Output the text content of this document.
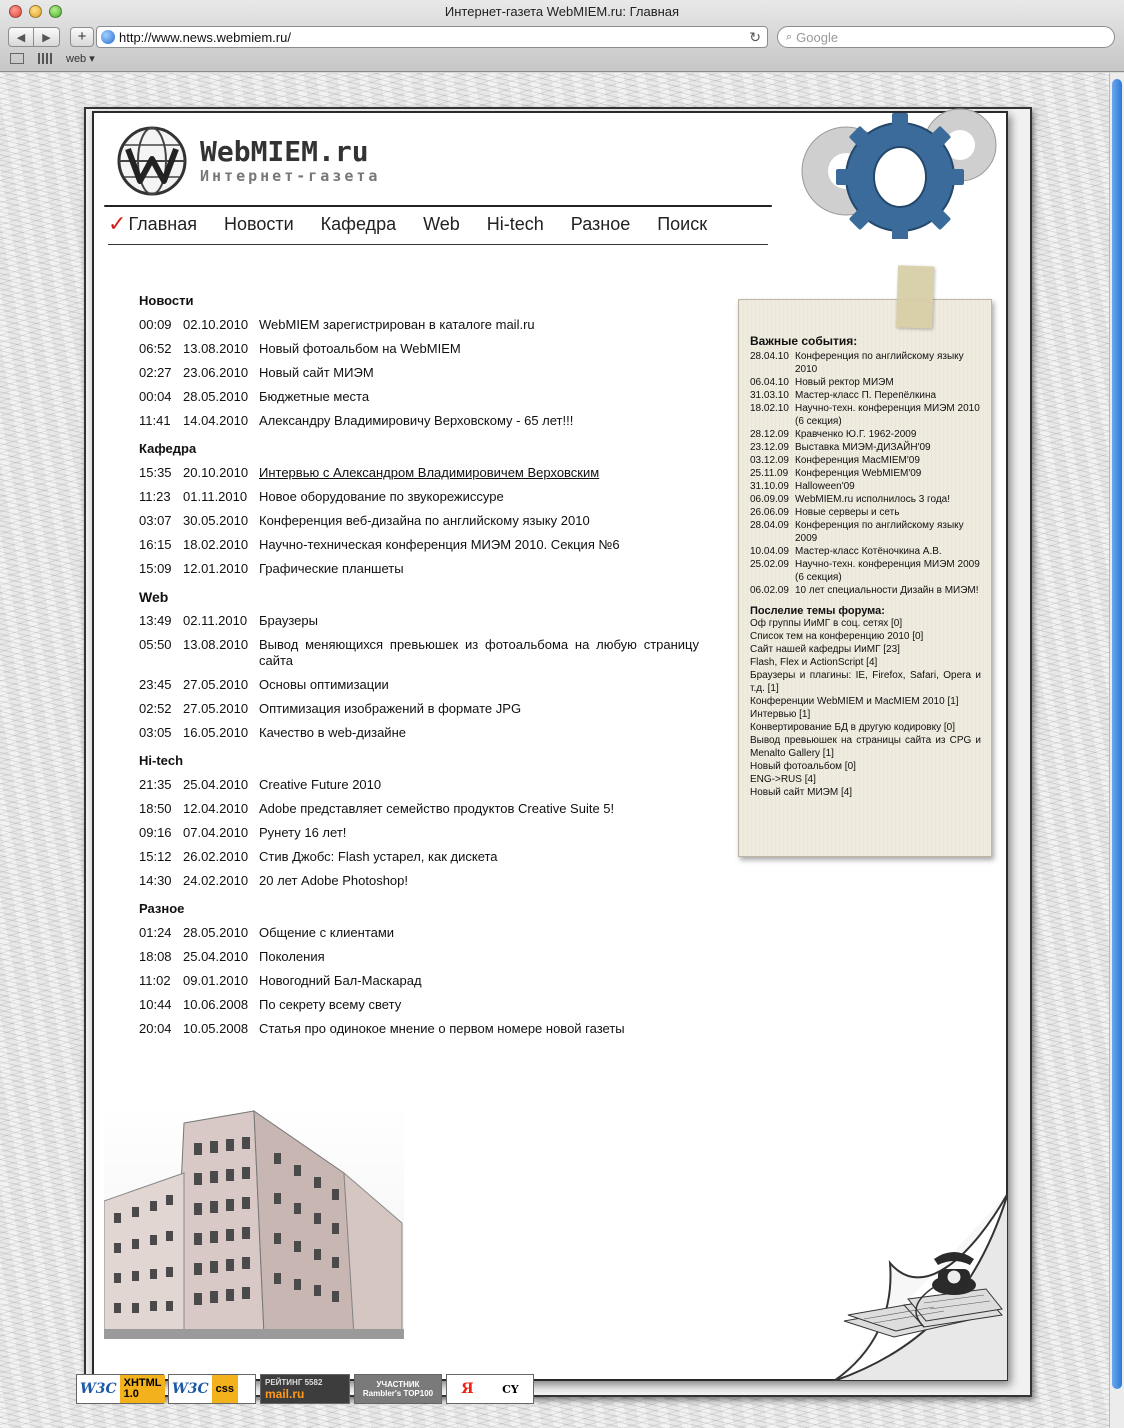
Интернет-газета WebMIEM.ru: Главная
◀ ▶	+	http://www.news.webmiem.ru/	↻ ⌕ Google
web ▾
WebMIEM.ru
Интернет-газета
✓ Главная Новости Кафедра Web Hi-tech Разное Поиск
Новости
00:09 02.10.2010 WebMIEM зарегистрирован в каталоге mail.ru
06:52 13.08.2010 Новый фотоальбом на WebMIEM
02:27 23.06.2010 Новый сайт МИЭМ
00:04 28.05.2010 Бюджетные места
11:41 14.04.2010 Александру Владимировичу Верховскому - 65 лет!!!
Кафедра
15:35 20.10.2010 Интервью с Александром Владимировичем Верховским
11:23 01.11.2010 Новое оборудование по звукорежиссуре
03:07 30.05.2010 Конференция веб-дизайна по английскому языку 2010
16:15 18.02.2010 Научно-техническая конференция МИЭМ 2010. Секция №6
15:09 12.01.2010 Графические планшеты
Web
13:49 02.11.2010 Браузеры
05:50 13.08.2010 Вывод меняющихся превьюшек из фотоальбома на любую страницу сайта
23:45 27.05.2010 Основы оптимизации
02:52 27.05.2010 Оптимизация изображений в формате JPG
03:05 16.05.2010 Качество в web-дизайне
Hi-tech
21:35 25.04.2010 Creative Future 2010
18:50 12.04.2010 Adobe представляет семейство продуктов Creative Suite 5!
09:16 07.04.2010 Рунету 16 лет!
15:12 26.02.2010 Стив Джобс: Flash устарел, как дискета
14:30 24.02.2010 20 лет Adobe Photoshop!
Разное
01:24 28.05.2010 Общение с клиентами
18:08 25.04.2010 Поколения
11:02 09.01.2010 Новогодний Бал-Маскарад
10:44 10.06.2008 По секрету всему свету
20:04 10.05.2008 Статья про одинокое мнение о первом номере новой газеты
Важные события:
28.04.10 Конференция по английскому языку 2010
06.04.10 Новый ректор МИЭМ
31.03.10 Мастер-класс П. Перепёлкина
18.02.10 Научно-техн. конференция МИЭМ 2010 (6 секция)
28.12.09 Кравченко Ю.Г. 1962-2009
23.12.09 Выставка МИЭМ-ДИЗАЙН'09
03.12.09 Конференция MacMIEM'09
25.11.09 Конференция WebMIEM'09
31.10.09 Halloween'09
06.09.09 WebMIEM.ru исполнилось 3 года!
26.06.09 Новые серверы и сеть
28.04.09 Конференция по английскому языку 2009
10.04.09 Мастер-класс Котёночкина А.В.
25.02.09 Научно-техн. конференция МИЭМ 2009 (6 секция)
06.02.09 10 лет специальности Дизайн в МИЭМ!
Послелие темы форума:
Оф группы ИиМГ в соц. сетях [0]
Список тем на конференцию 2010 [0]
Сайт нашей кафедры ИиМГ [23]
Flash, Flex и ActionScript [4]
Браузеры и плагины: IE, Firefox, Safari, Opera и т.д. [1]
Конференции WebMIEM и MacMIEM 2010 [1]
Интервью [1]
Конвертирование БД в другую кодировку [0]
Вывод превьюшек на страницы сайта из CPG и Menalto Gallery [1]
Новый фотоальбом [0]
ENG->RUS [4]
Новый сайт МИЭМ [4]
W3C XHTML 1.0	W3C css
РЕЙТИНГ 5582
mail.ru
УЧАСТНИК
Rambler's TOP100 Я	CY
